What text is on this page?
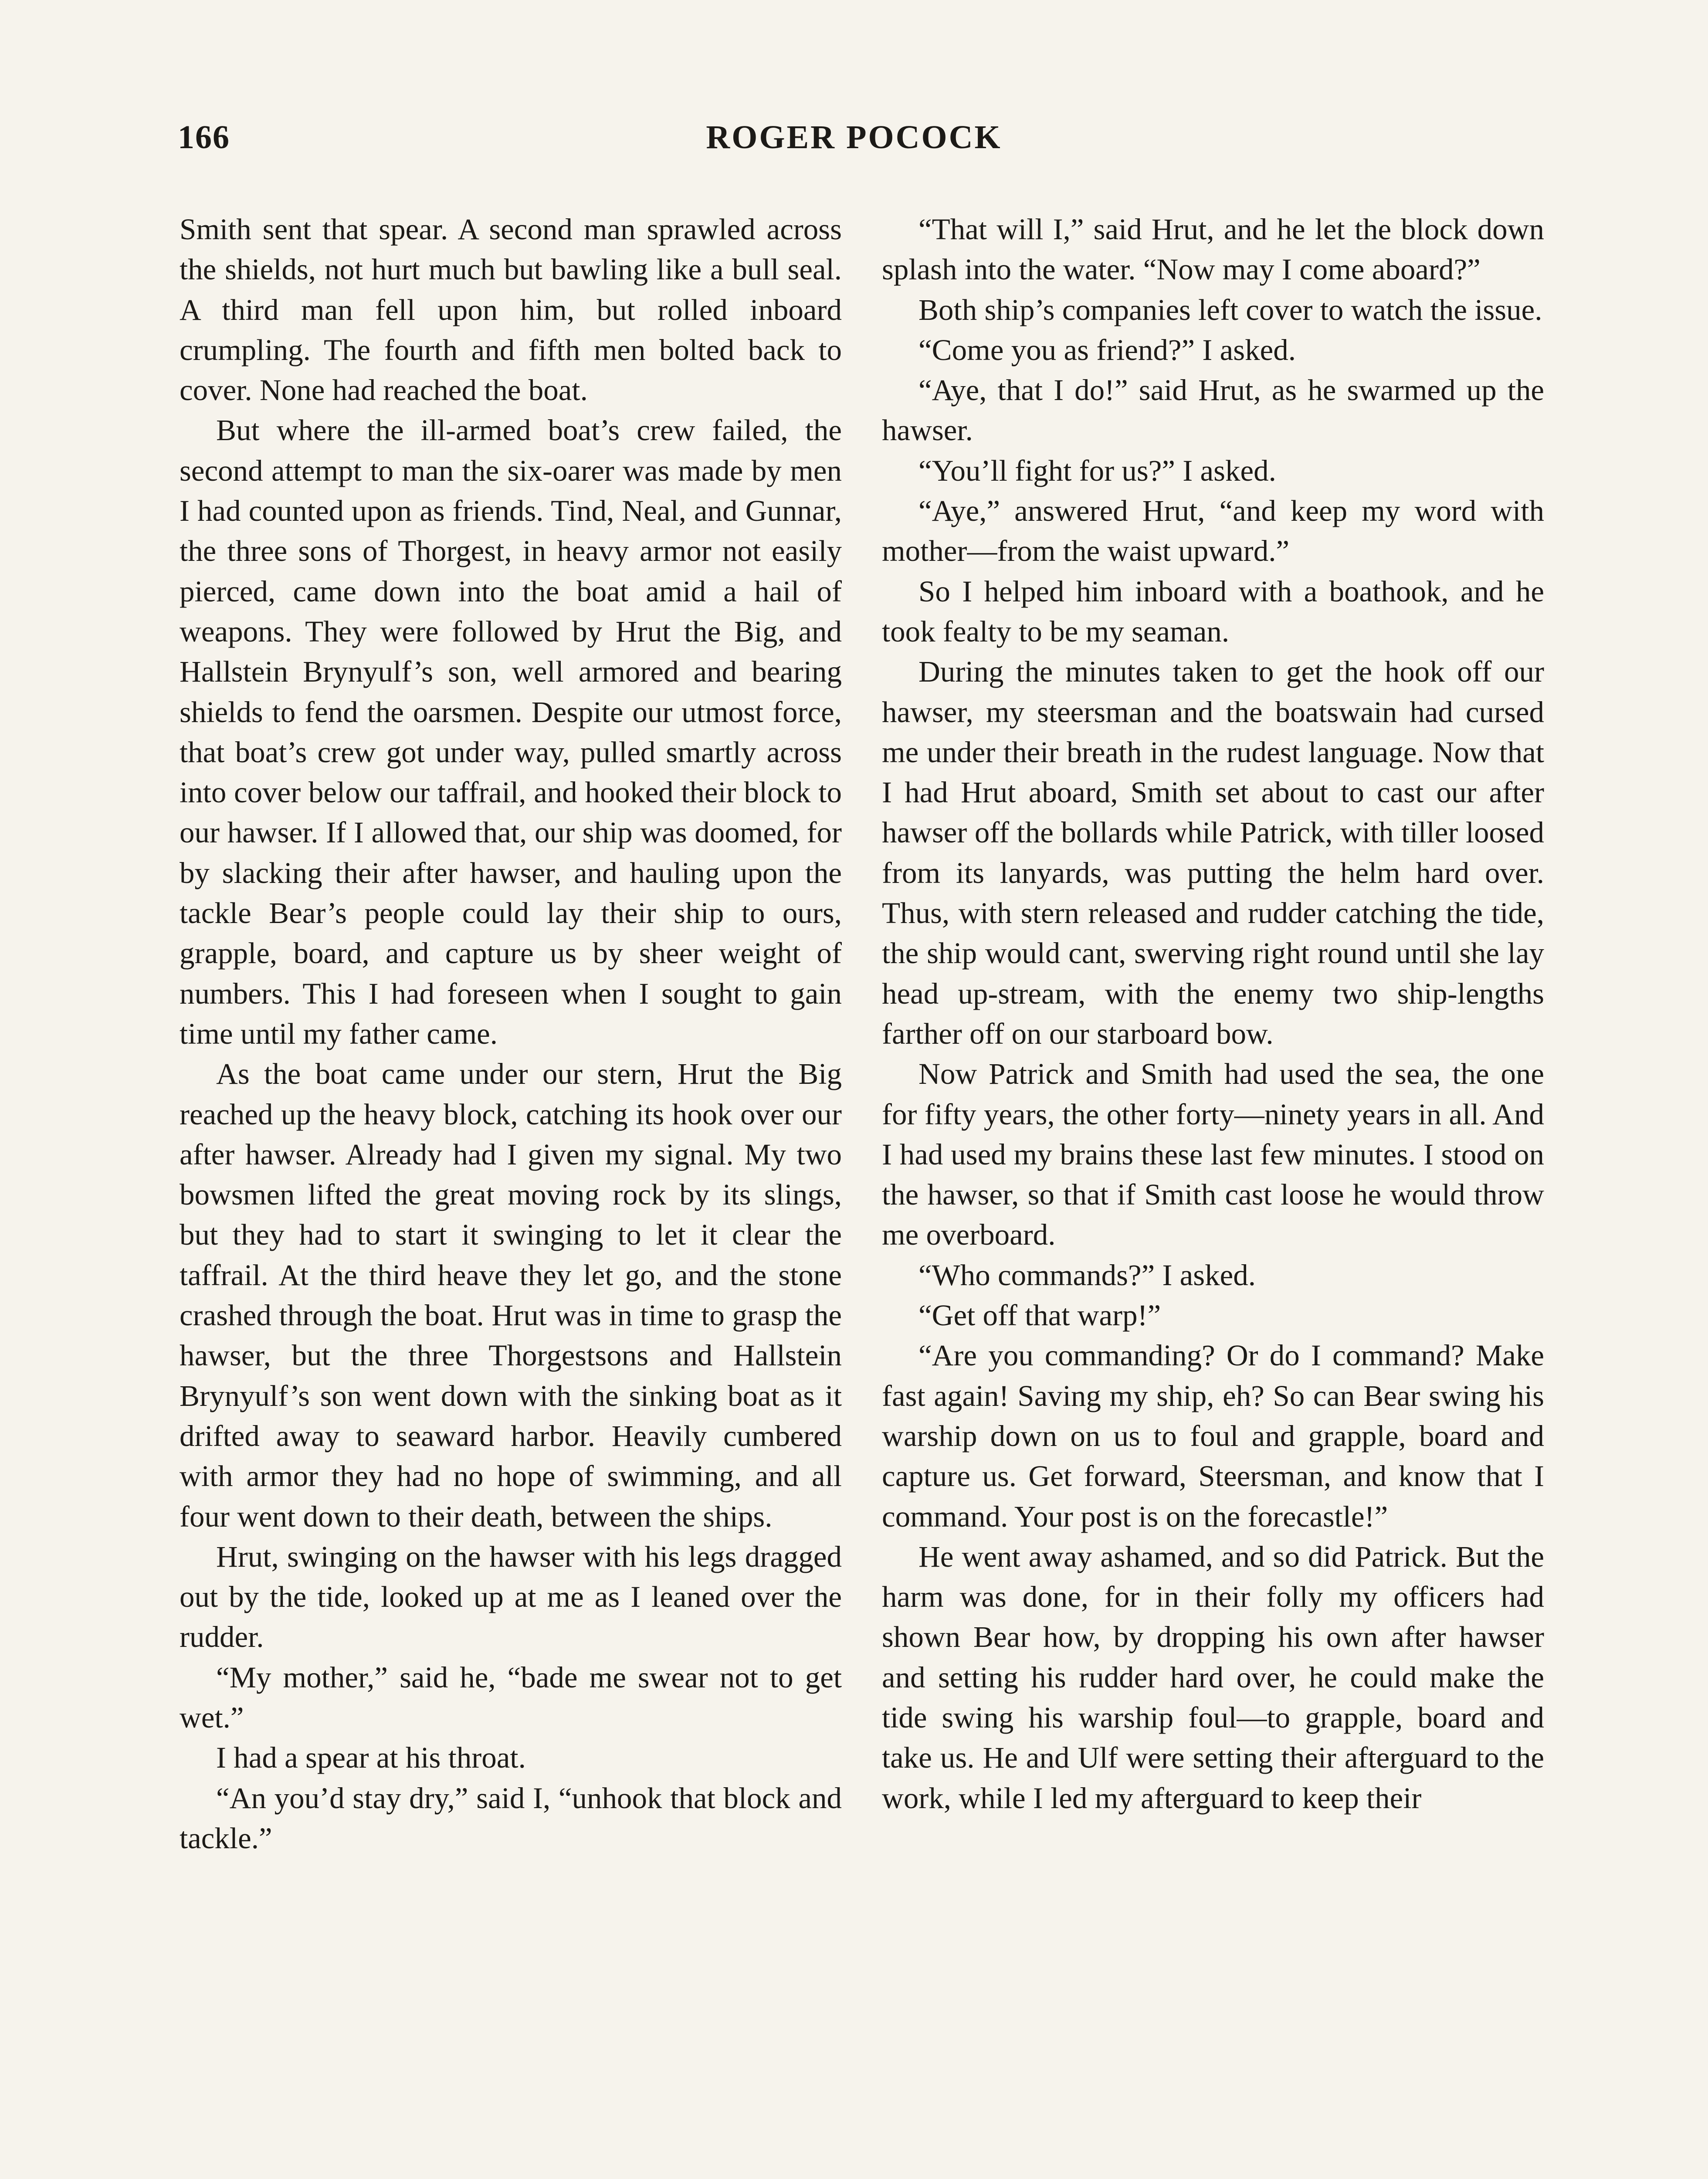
166	ROGER POCOCK

Smith sent that spear. A second man sprawled across the shields, not hurt much but bawling like a bull seal. A third man fell upon him, but rolled inboard crumpling. The fourth and fifth men bolted back to cover. None had reached the boat.

But where the ill-armed boat’s crew failed, the second attempt to man the six-oarer was made by men I had counted upon as friends. Tind, Neal, and Gunnar, the three sons of Thorgest, in heavy armor not easily pierced, came down into the boat amid a hail of weapons. They were followed by Hrut the Big, and Hallstein Brynyulf’s son, well armored and bearing shields to fend the oarsmen. Despite our utmost force, that boat’s crew got under way, pulled smartly across into cover below our taffrail, and hooked their block to our hawser. If I allowed that, our ship was doomed, for by slacking their after hawser, and hauling upon the tackle Bear’s people could lay their ship to ours, grapple, board, and capture us by sheer weight of numbers. This I had foreseen when I sought to gain time until my father came.

As the boat came under our stern, Hrut the Big reached up the heavy block, catching its hook over our after hawser. Already had I given my signal. My two bowsmen lifted the great moving rock by its slings, but they had to start it swinging to let it clear the taffrail. At the third heave they let go, and the stone crashed through the boat. Hrut was in time to grasp the hawser, but the three Thorgestsons and Hallstein Brynyulf’s son went down with the sinking boat as it drifted away to seaward harbor. Heavily cumbered with armor they had no hope of swimming, and all four went down to their death, between the ships.

Hrut, swinging on the hawser with his legs dragged out by the tide, looked up at me as I leaned over the rudder.

“My mother,” said he, “bade me swear not to get wet.”

I had a spear at his throat.

“An you’d stay dry,” said I, “unhook that block and tackle.”

“That will I,” said Hrut, and he let the block down splash into the water. “Now may I come aboard?”

Both ship’s companies left cover to watch the issue.

“Come you as friend?” I asked.

“Aye, that I do!” said Hrut, as he swarmed up the hawser.

“You’ll fight for us?” I asked.

“Aye,” answered Hrut, “and keep my word with mother—from the waist upward.”

So I helped him inboard with a boathook, and he took fealty to be my seaman.

During the minutes taken to get the hook off our hawser, my steersman and the boatswain had cursed me under their breath in the rudest language. Now that I had Hrut aboard, Smith set about to cast our after hawser off the bollards while Patrick, with tiller loosed from its lanyards, was putting the helm hard over. Thus, with stern released and rudder catching the tide, the ship would cant, swerving right round until she lay head up-stream, with the enemy two ship-lengths farther off on our starboard bow.

Now Patrick and Smith had used the sea, the one for fifty years, the other forty—ninety years in all. And I had used my brains these last few minutes. I stood on the hawser, so that if Smith cast loose he would throw me overboard.

“Who commands?” I asked.

“Get off that warp!”

“Are you commanding? Or do I command? Make fast again! Saving my ship, eh? So can Bear swing his warship down on us to foul and grapple, board and capture us. Get forward, Steersman, and know that I command. Your post is on the forecastle!”

He went away ashamed, and so did Patrick. But the harm was done, for in their folly my officers had shown Bear how, by dropping his own after hawser and setting his rudder hard over, he could make the tide swing his warship foul—to grapple, board and take us. He and Ulf were setting their afterguard to the work, while I led my afterguard to keep their
